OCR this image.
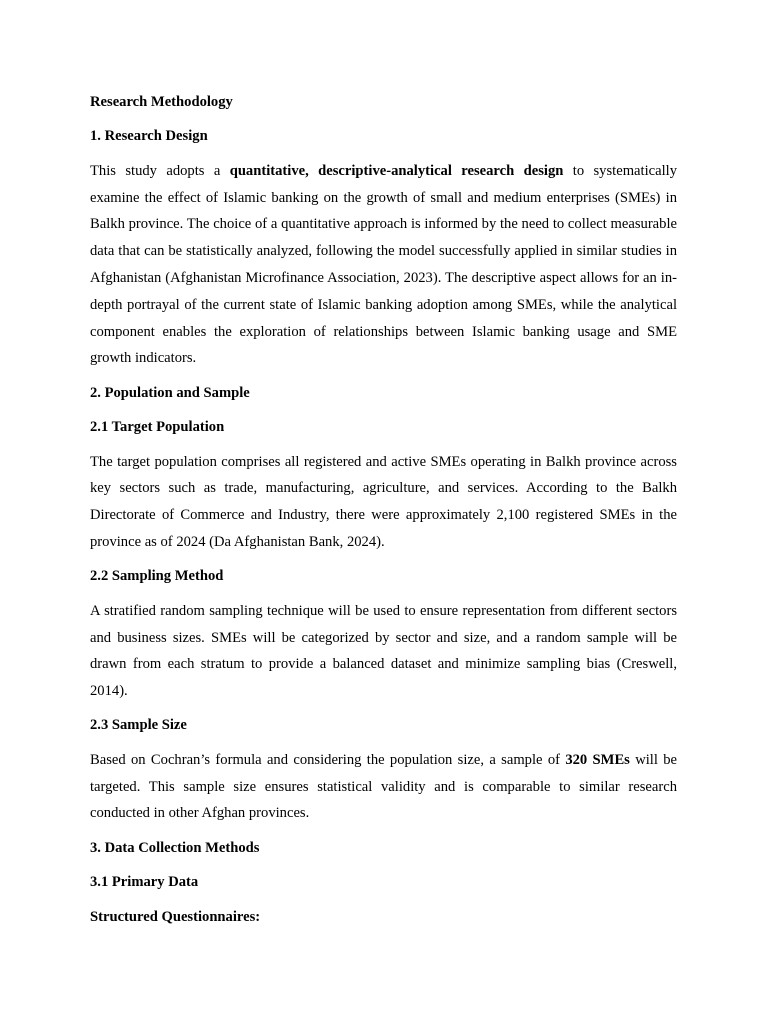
Research Methodology
1. Research Design
This study adopts a quantitative, descriptive-analytical research design to systematically examine the effect of Islamic banking on the growth of small and medium enterprises (SMEs) in Balkh province. The choice of a quantitative approach is informed by the need to collect measurable data that can be statistically analyzed, following the model successfully applied in similar studies in Afghanistan (Afghanistan Microfinance Association, 2023). The descriptive aspect allows for an in-depth portrayal of the current state of Islamic banking adoption among SMEs, while the analytical component enables the exploration of relationships between Islamic banking usage and SME growth indicators.
2. Population and Sample
2.1 Target Population
The target population comprises all registered and active SMEs operating in Balkh province across key sectors such as trade, manufacturing, agriculture, and services. According to the Balkh Directorate of Commerce and Industry, there were approximately 2,100 registered SMEs in the province as of 2024 (Da Afghanistan Bank, 2024).
2.2 Sampling Method
A stratified random sampling technique will be used to ensure representation from different sectors and business sizes. SMEs will be categorized by sector and size, and a random sample will be drawn from each stratum to provide a balanced dataset and minimize sampling bias (Creswell, 2014).
2.3 Sample Size
Based on Cochran’s formula and considering the population size, a sample of 320 SMEs will be targeted. This sample size ensures statistical validity and is comparable to similar research conducted in other Afghan provinces.
3. Data Collection Methods
3.1 Primary Data
Structured Questionnaires:
